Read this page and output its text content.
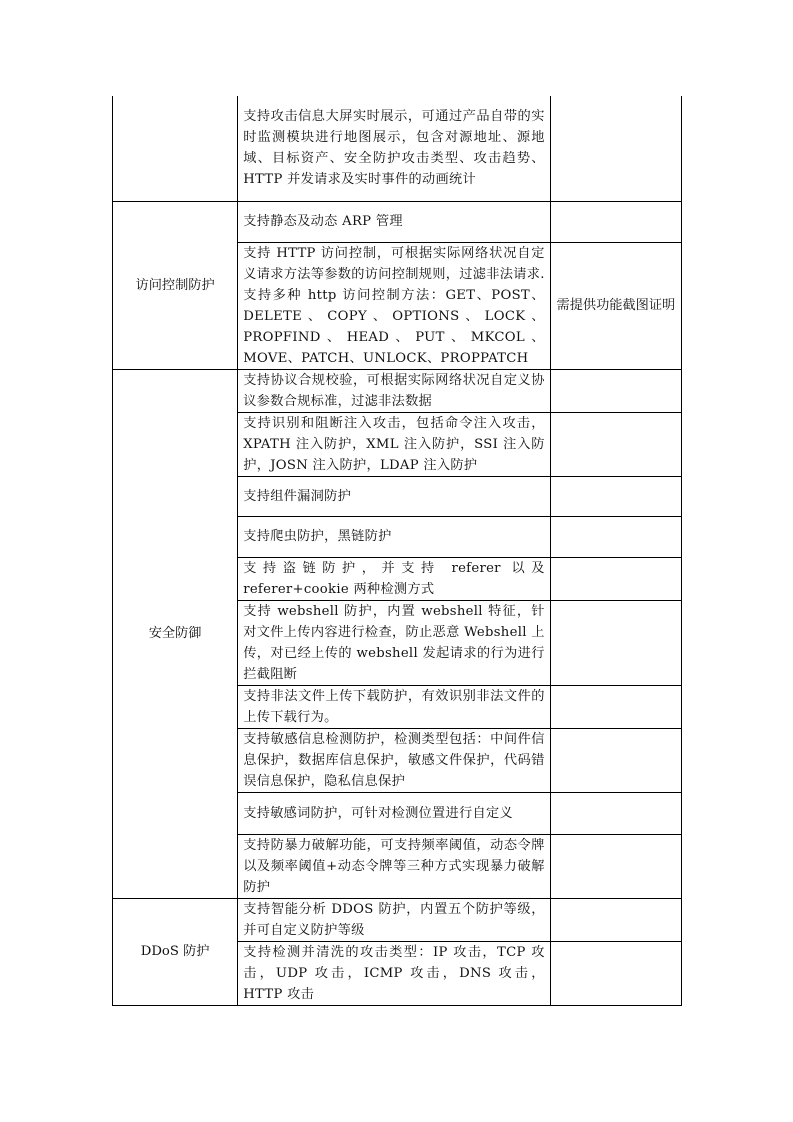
	支持攻击信息大屏实时展示，可通过产品自带的实时监测模块进行地图展示，包含对源地址、源地域、目标资产、安全防护攻击类型、攻击趋势、HTTP 并发请求及实时事件的动画统计	
访问控制防护	支持静态及动态 ARP 管理	
	支持 HTTP 访问控制，可根据实际网络状况自定义请求方法等参数的访问控制规则，过滤非法请求.支持多种 http 访问控制方法：GET、POST、DELETE、COPY、OPTIONS、LOCK、PROPFIND、HEAD、PUT、MKCOL、MOVE、PATCH、UNLOCK、PROPPATCH	需提供功能截图证明
安全防御	支持协议合规校验，可根据实际网络状况自定义协议参数合规标准，过滤非法数据	
	支持识别和阻断注入攻击，包括命令注入攻击，XPATH 注入防护，XML 注入防护，SSI 注入防护，JOSN 注入防护，LDAP 注入防护	
	支持组件漏洞防护	
	支持爬虫防护，黑链防护	
	支持盗链防护，并支持 referer 以及 referer+cookie 两种检测方式	
	支持 webshell 防护，内置 webshell 特征，针对文件上传内容进行检查，防止恶意 Webshell 上传，对已经上传的 webshell 发起请求的行为进行拦截阻断	
	支持非法文件上传下载防护，有效识别非法文件的上传下载行为。	
	支持敏感信息检测防护，检测类型包括：中间件信息保护，数据库信息保护，敏感文件保护，代码错误信息保护，隐私信息保护	
	支持敏感词防护，可针对检测位置进行自定义	
	支持防暴力破解功能，可支持频率阈值，动态令牌以及频率阈值+动态令牌等三种方式实现暴力破解防护	
DDoS 防护	支持智能分析 DDOS 防护，内置五个防护等级，并可自定义防护等级	
	支持检测并清洗的攻击类型：IP 攻击，TCP 攻击，UDP 攻击，ICMP 攻击，DNS 攻击，HTTP 攻击	
